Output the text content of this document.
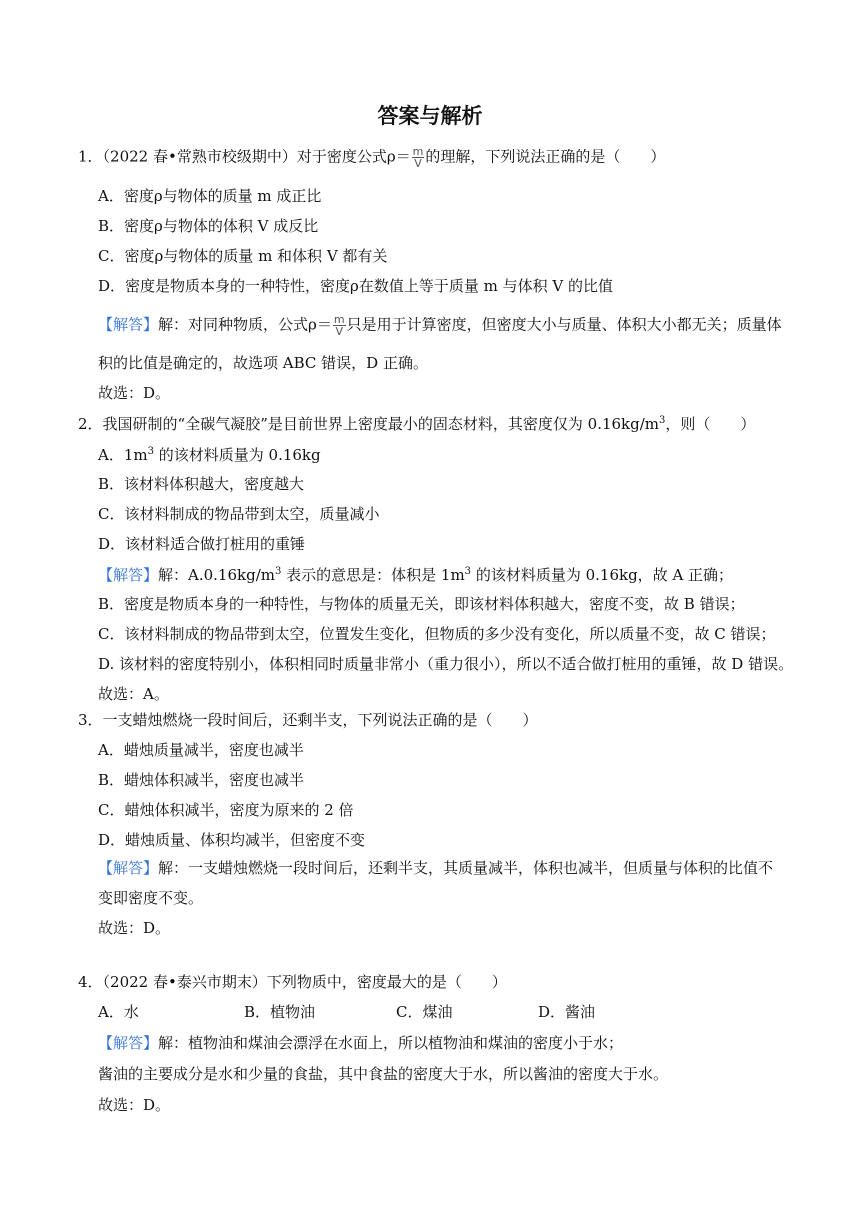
答案与解析
1．（2022 春•常熟市校级期中）对于密度公式$\rho= \frac{m}{V}$ 的理解，下列说法正确的是（　　）
A．密度ρ与物体的质量 m 成正比
B．密度ρ与物体的体积 V 成反比
C．密度ρ与物体的质量 m 和体积 V 都有关
D．密度是物质本身的一种特性，密度ρ在数值上等于质量 m 与体积 V 的比值
【解答】解：对同种物质，公式$\rho= \frac{m}{V}$ 只是用于计算密度，但密度大小与质量、体积大小都无关；质量体
积的比值是确定的，故选项 ABC 错误，D 正确。
故选：D。
2．我国研制的“全碳气凝胶”是目前世界上密度最小的固态材料，其密度仅为 $0.16kg/m^3$，则（　　）
A．$1m^3$ 的该材料质量为 0.16kg
B．该材料体积越大，密度越大
C．该材料制成的物品带到太空，质量减小
D．该材料适合做打桩用的重锤
【解答】解：$A.0.16kg/m^3$ 表示的意思是：体积是 $1m^3$ 的该材料质量为 0.16kg，故 A 正确；
B．密度是物质本身的一种特性，与物体的质量无关，即该材料体积越大，密度不变，故 B 错误；
C．该材料制成的物品带到太空，位置发生变化，但物质的多少没有变化，所以质量不变，故 C 错误；
D. 该材料的密度特别小，体积相同时质量非常小（重力很小），所以不适合做打桩用的重锤，故 D 错误。
故选：A。
3．一支蜡烛燃烧一段时间后，还剩半支，下列说法正确的是（　　）
A．蜡烛质量减半，密度也减半
B．蜡烛体积减半，密度也减半
C．蜡烛体积减半，密度为原来的 2 倍
D．蜡烛质量、体积均减半，但密度不变
【解答】解：一支蜡烛燃烧一段时间后，还剩半支，其质量减半，体积也减半，但质量与体积的比值不
变即密度不变。
故选：D。
4．（2022 春•泰兴市期末）下列物质中，密度最大的是（　　）
A．水	B．植物油	C．煤油	D．酱油
【解答】解：植物油和煤油会漂浮在水面上，所以植物油和煤油的密度小于水；
酱油的主要成分是水和少量的食盐，其中食盐的密度大于水，所以酱油的密度大于水。
故选：D。
